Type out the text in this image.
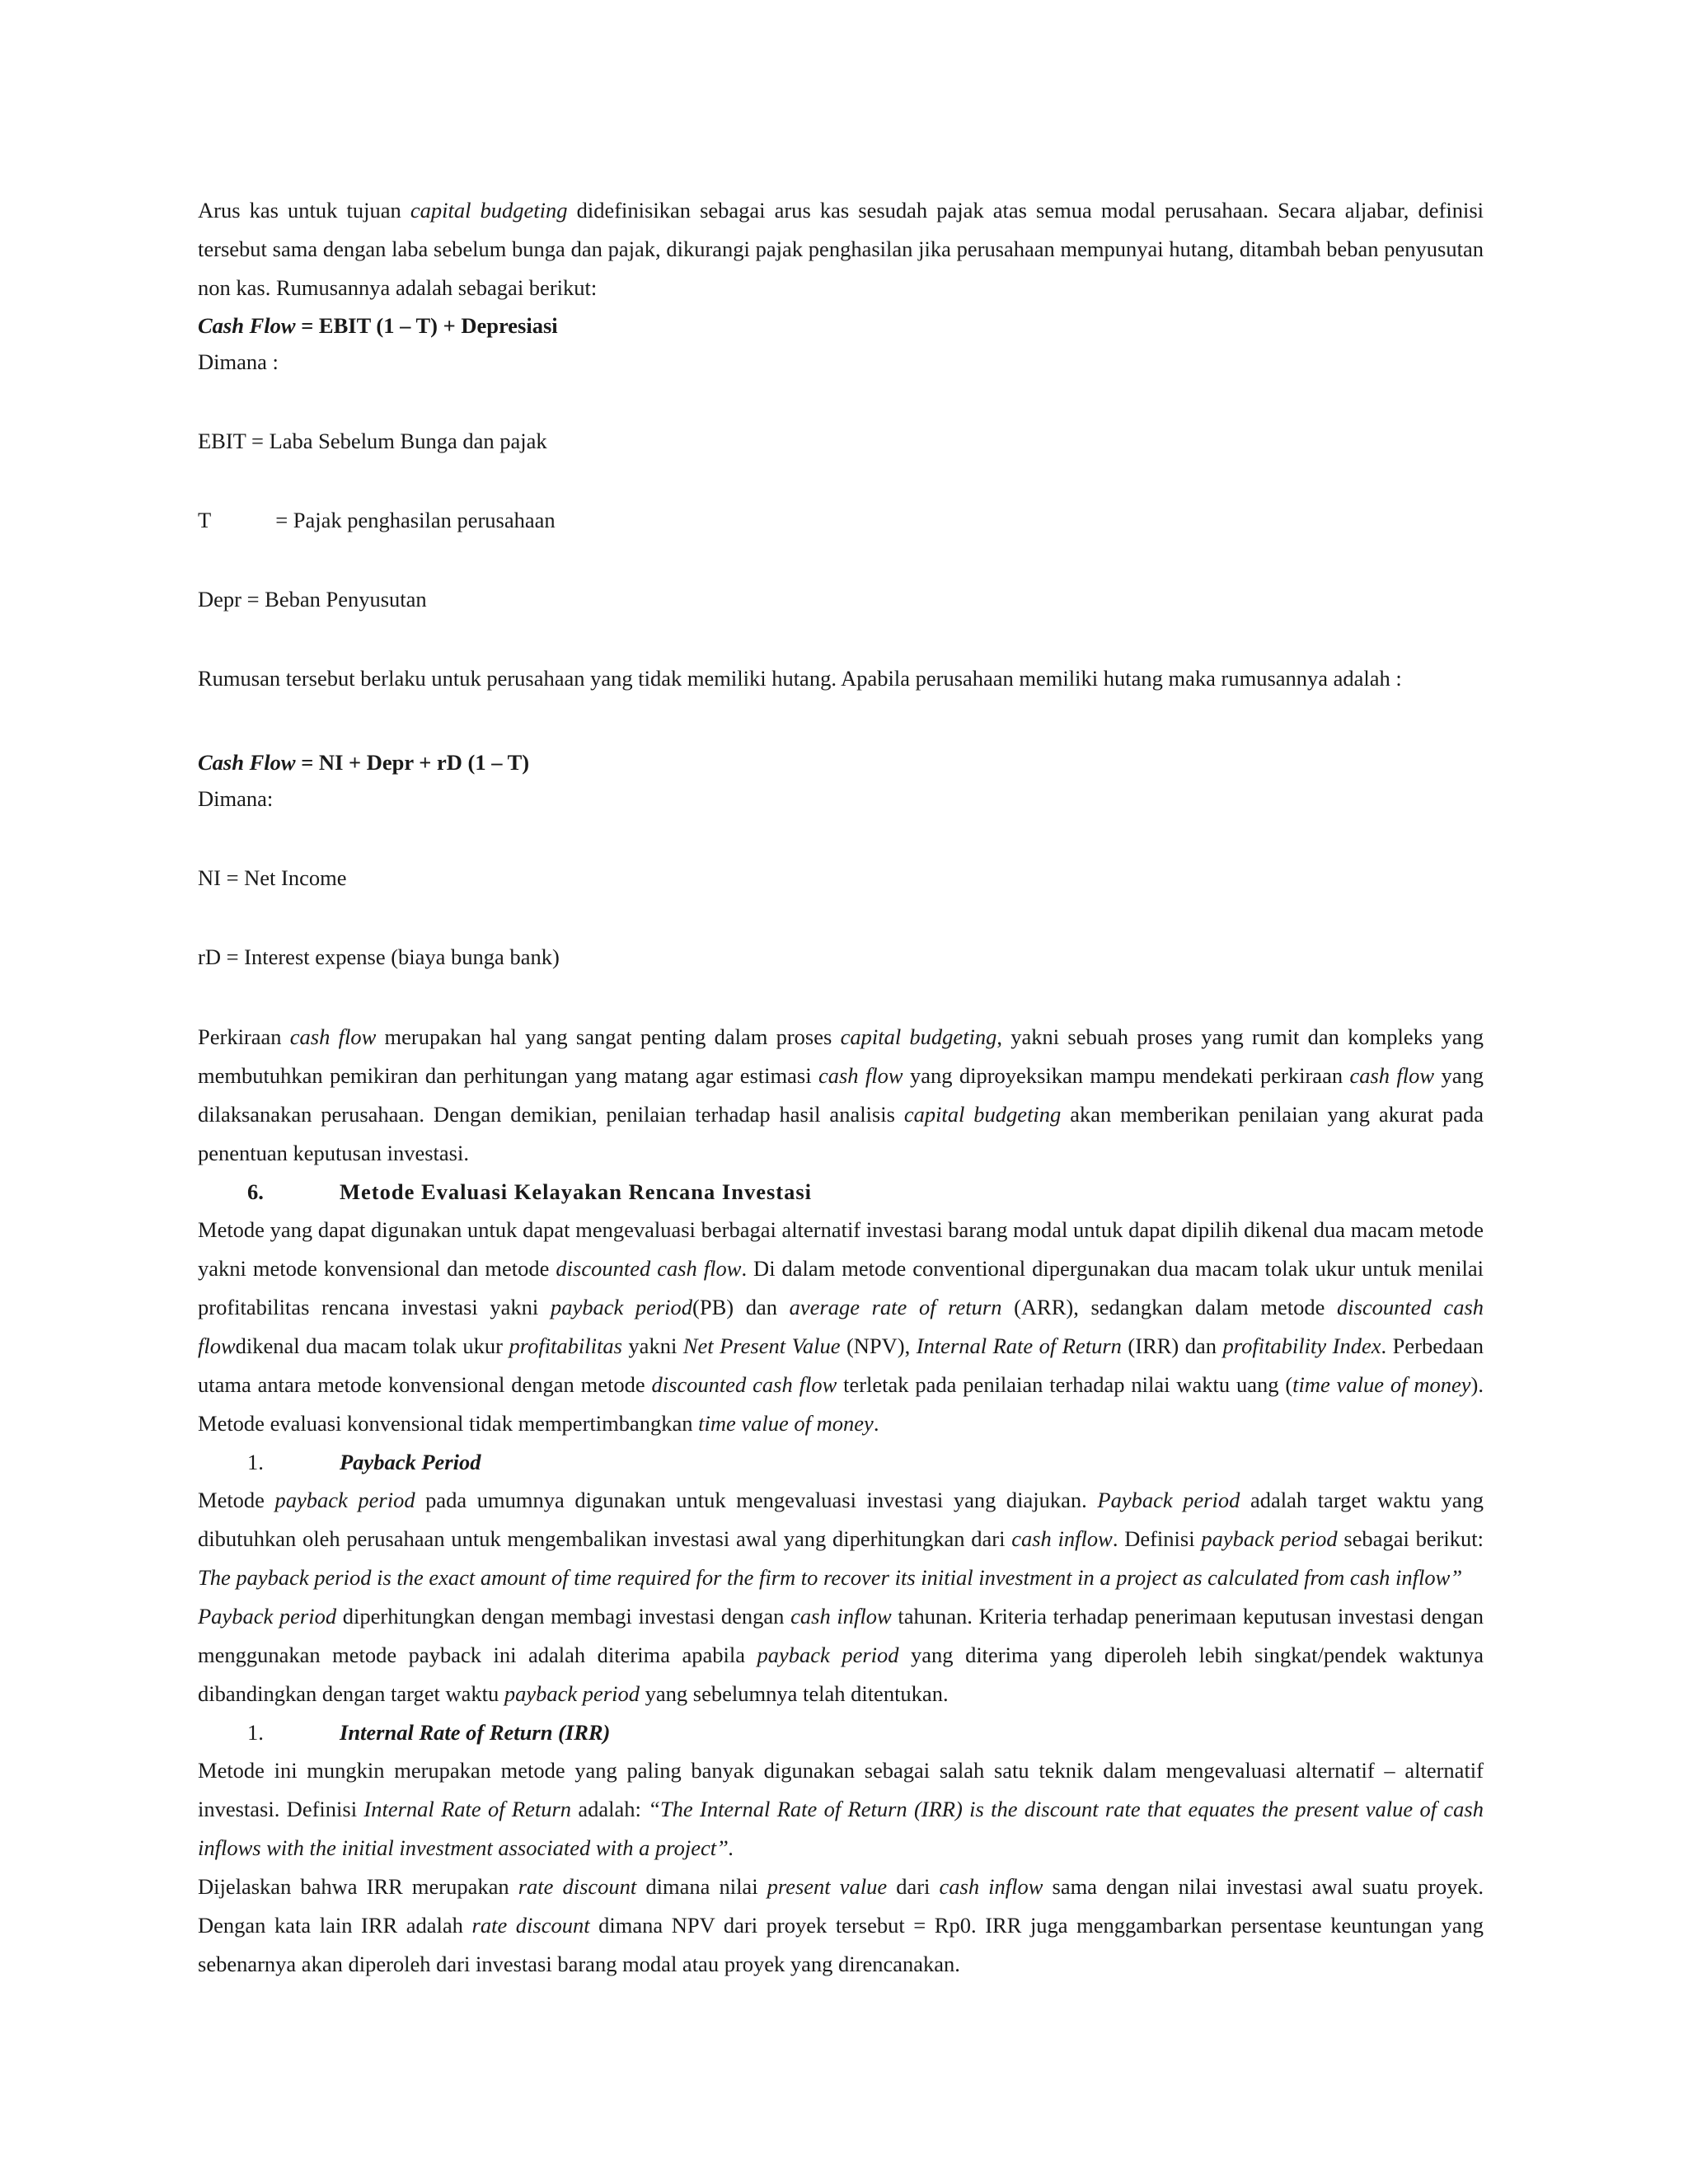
Arus kas untuk tujuan capital budgeting didefinisikan sebagai arus kas sesudah pajak atas semua modal perusahaan. Secara aljabar, definisi tersebut sama dengan laba sebelum bunga dan pajak, dikurangi pajak penghasilan jika perusahaan mempunyai hutang, ditambah beban penyusutan non kas. Rumusannya adalah sebagai berikut:

Cash Flow = EBIT (1 – T) + Depresiasi

Dimana :

EBIT = Laba Sebelum Bunga dan pajak

T	= Pajak penghasilan perusahaan

Depr = Beban Penyusutan

Rumusan tersebut berlaku untuk perusahaan yang tidak memiliki hutang. Apabila perusahaan memiliki hutang maka rumusannya adalah :

Cash Flow = NI + Depr + rD (1 – T)

Dimana:

NI = Net Income

rD = Interest expense (biaya bunga bank)

Perkiraan cash flow merupakan hal yang sangat penting dalam proses capital budgeting, yakni sebuah proses yang rumit dan kompleks yang membutuhkan pemikiran dan perhitungan yang matang agar estimasi cash flow yang diproyeksikan mampu mendekati perkiraan cash flow yang dilaksanakan perusahaan. Dengan demikian, penilaian terhadap hasil analisis capital budgeting akan memberikan penilaian yang akurat pada penentuan keputusan investasi.

6.	Metode Evaluasi Kelayakan Rencana Investasi

Metode yang dapat digunakan untuk dapat mengevaluasi berbagai alternatif investasi barang modal untuk dapat dipilih dikenal dua macam metode yakni metode konvensional dan metode discounted cash flow. Di dalam metode conventional dipergunakan dua macam tolak ukur untuk menilai profitabilitas rencana investasi yakni payback period(PB) dan average rate of return (ARR), sedangkan dalam metode discounted cash flowdikenal dua macam tolak ukur profitabilitas yakni Net Present Value (NPV), Internal Rate of Return (IRR) dan profitability Index. Perbedaan utama antara metode konvensional dengan metode discounted cash flow terletak pada penilaian terhadap nilai waktu uang (time value of money). Metode evaluasi konvensional tidak mempertimbangkan time value of money.

1.	Payback Period

Metode payback period pada umumnya digunakan untuk mengevaluasi investasi yang diajukan. Payback period adalah target waktu yang dibutuhkan oleh perusahaan untuk mengembalikan investasi awal yang diperhitungkan dari cash inflow. Definisi payback period sebagai berikut: The payback period is the exact amount of time required for the firm to recover its initial investment in a project as calculated from cash inflow”

Payback period diperhitungkan dengan membagi investasi dengan cash inflow tahunan. Kriteria terhadap penerimaan keputusan investasi dengan menggunakan metode payback ini adalah diterima apabila payback period yang diterima yang diperoleh lebih singkat/pendek waktunya dibandingkan dengan target waktu payback period yang sebelumnya telah ditentukan.

1.	Internal Rate of Return (IRR)

Metode ini mungkin merupakan metode yang paling banyak digunakan sebagai salah satu teknik dalam mengevaluasi alternatif – alternatif investasi. Definisi Internal Rate of Return adalah: “The Internal Rate of Return (IRR) is the discount rate that equates the present value of cash inflows with the initial investment associated with a project”.

Dijelaskan bahwa IRR merupakan rate discount dimana nilai present value dari cash inflow sama dengan nilai investasi awal suatu proyek. Dengan kata lain IRR adalah rate discount dimana NPV dari proyek tersebut = Rp0. IRR juga menggambarkan persentase keuntungan yang sebenarnya akan diperoleh dari investasi barang modal atau proyek yang direncanakan.
